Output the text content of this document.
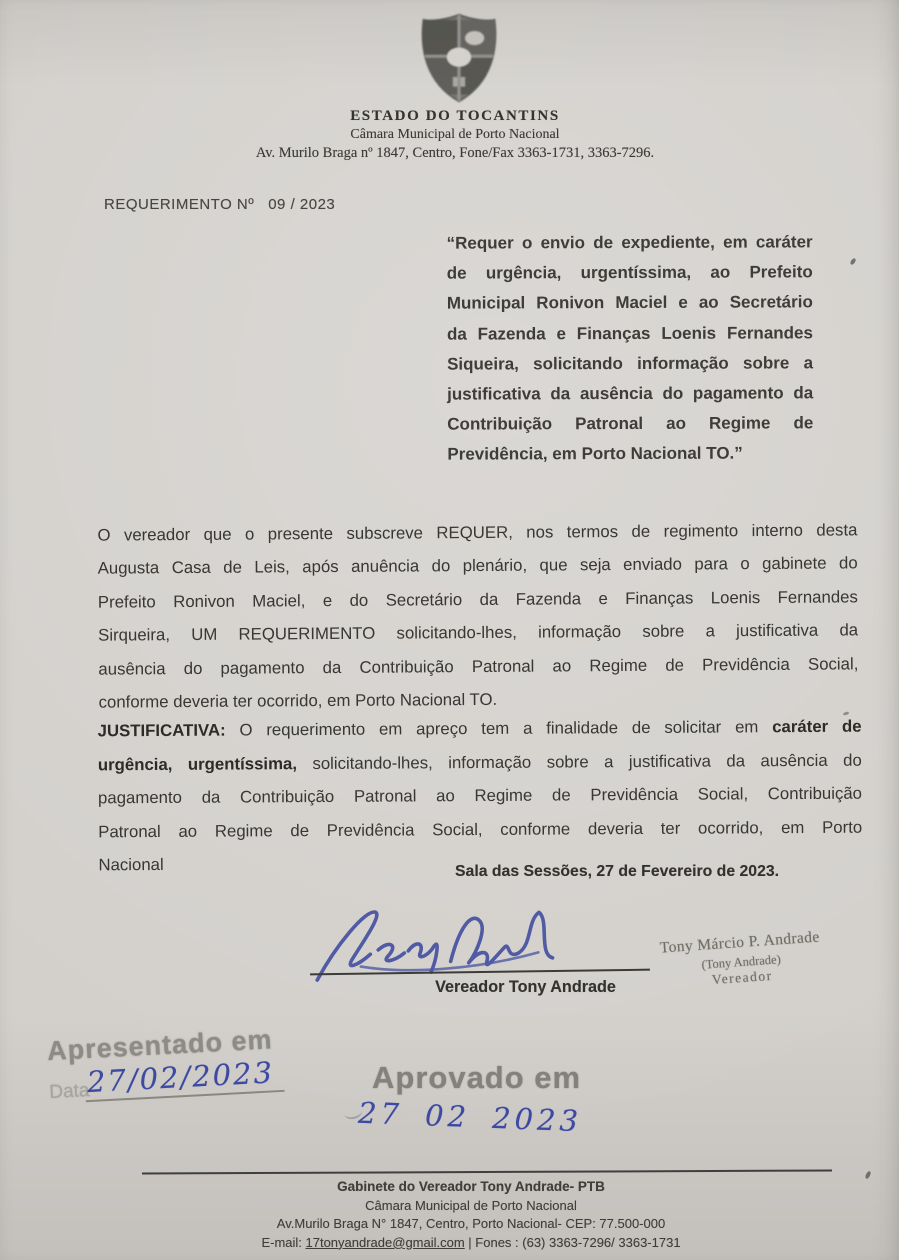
ESTADO DO TOCANTINS
Câmara Municipal de Porto Nacional
Av. Murilo Braga nº 1847, Centro, Fone/Fax 3363-1731, 3363-7296.
REQUERIMENTO Nº   09 / 2023
“Requer o envio de expediente, em caráter
de urgência, urgentíssima, ao Prefeito
Municipal Ronivon Maciel e ao Secretário
da Fazenda e Finanças Loenis Fernandes
Siqueira, solicitando informação sobre a
justificativa da ausência do pagamento da
Contribuição Patronal ao Regime de
Previdência, em Porto Nacional TO.”
O vereador que o presente subscreve REQUER, nos termos de regimento interno desta
Augusta Casa de Leis, após anuência do plenário, que seja enviado para o gabinete do
Prefeito Ronivon Maciel, e do Secretário da Fazenda e Finanças Loenis Fernandes
Sirqueira, UM REQUERIMENTO solicitando-lhes, informação sobre a justificativa da
ausência do pagamento da Contribuição Patronal ao Regime de Previdência Social,
conforme deveria ter ocorrido, em Porto Nacional TO.
JUSTIFICATIVA: O requerimento em apreço tem a finalidade de solicitar em caráter de
urgência, urgentíssima, solicitando-lhes, informação sobre a justificativa da ausência do
pagamento da Contribuição Patronal ao Regime de Previdência Social, Contribuição
Patronal ao Regime de Previdência Social, conforme deveria ter ocorrido, em Porto
Nacional	Sala das Sessões, 27 de Fevereiro de 2023.
Vereador Tony Andrade
Tony Márcio P. Andrade
(Tony Andrade)
Vereador
Apresentado em
Data
27/02/2023	Aprovado em
27 02 2023
Gabinete do Vereador Tony Andrade- PTB
Câmara Municipal de Porto Nacional
Av.Murilo Braga N° 1847, Centro, Porto Nacional- CEP: 77.500-000
E-mail: 17tonyandrade@gmail.com | Fones : (63) 3363-7296/ 3363-1731
